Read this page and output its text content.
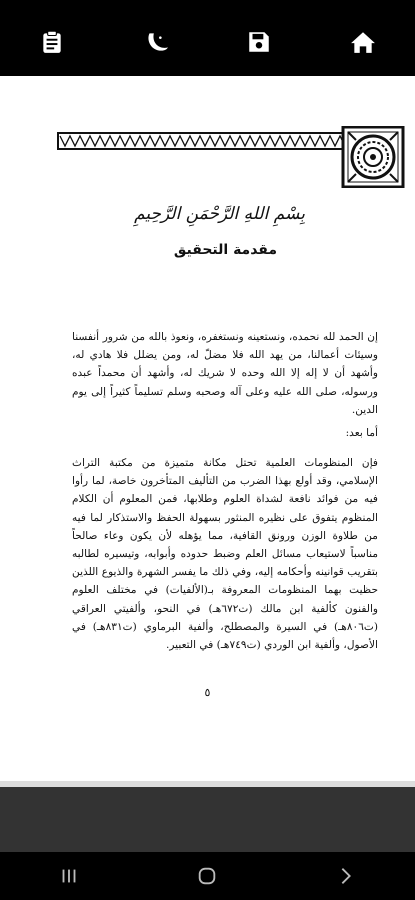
بِسْمِ اللهِ الرَّحْمَنِ الرَّحِيمِ
مقدمة التحقيق
إن الحمد لله نحمده، ونستعينه ونستغفره، ونعوذ بالله من شرور أنفسنا وسيئات أعمالنا، من يهد الله فلا مضلّ له، ومن يضلل فلا هادي له، وأشهد أن لا إله إلا الله وحده لا شريك له، وأشهد أن محمداً عبده ورسوله، صلى الله عليه وعلى آله وصحبه وسلم تسليماً كثيراً إلى يوم الدين.
أما بعد:
فإن المنظومات العلمية تحتل مكانة متميزة من مكتبة التراث الإسلامي، وقد أولع بهذا الضرب من التأليف المتأخرون خاصة، لما رأوا فيه من فوائد نافعة لشداة العلوم وطلابها، فمن المعلوم أن الكلام المنظوم يتفوق على نظيره المنثور بسهولة الحفظ والاستذكار لما فيه من طلاوة الوزن ورونق القافية، مما يؤهله لأن يكون وعاء صالحاً مناسباً لاستيعاب مسائل العلم وضبط حدوده وأبوابه، وتيسيره لطالبه بتقريب قوانينه وأحكامه إليه، وفي ذلك ما يفسر الشهرة والذيوع اللذين حظيت بهما المنظومات المعروفة بـ(الألفيات) في مختلف العلوم والفنون كألفية ابن مالك (ت٦٧٢هـ) في النحو، وألفيتي العراقي (ت٨٠٦هـ) في السيرة والمصطلح، وألفية البرماوي (ت٨٣١هـ) في الأصول، وألفية ابن الوردي (ت٧٤٩هـ) في التعبير.
٥
